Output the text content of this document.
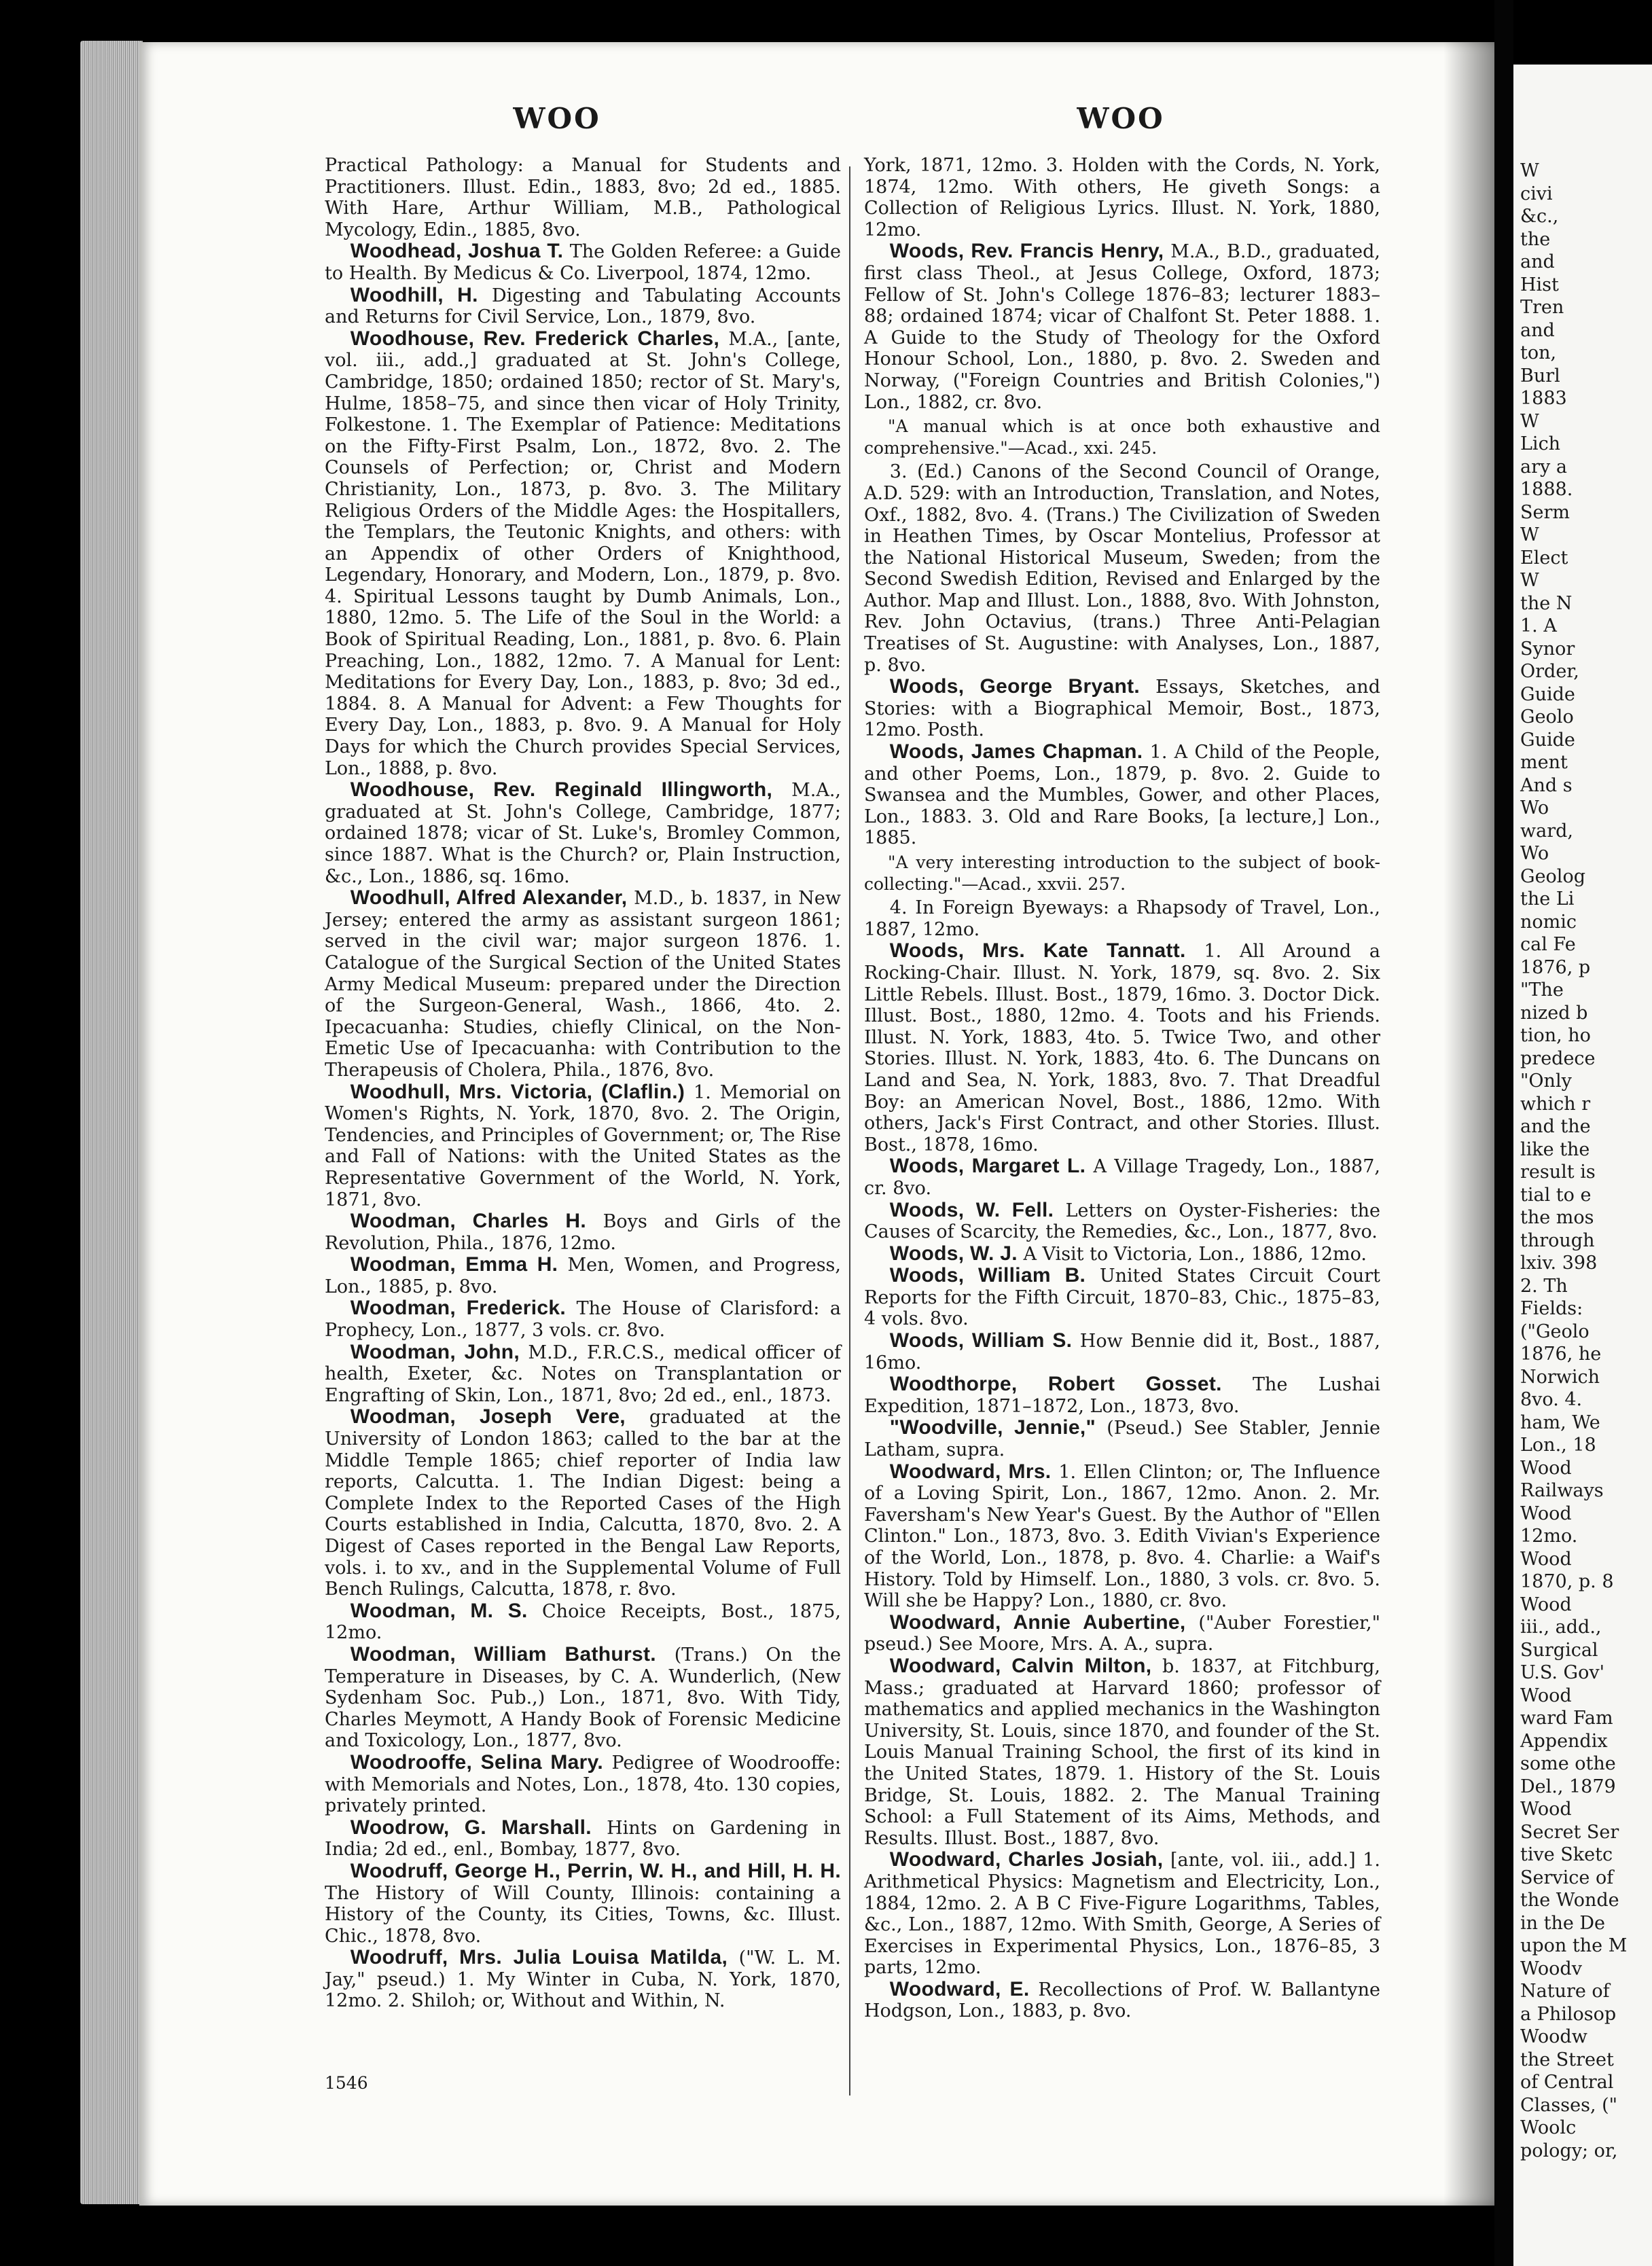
W
civi
&c.,
the
and
Hist
Tren
and
ton,
Burl
1883
W
Lich
ary a
1888.
Serm
W
Elect
W
the N
1. A
Synor
Order,
Guide
Geolo
Guide
ment
And s
Wo
ward,
Wo
Geolog
the Li
nomic
cal Fe
1876, p
"The
nized b
tion, ho
predece
"Only
which r
and the
like the
result is
tial to e
the mos
through
lxiv. 398
2. Th
Fields:
("Geolo
1876, he
Norwich
8vo. 4.
ham, We
Lon., 18
Wood
Railways
Wood
12mo.
Wood
1870, p. 8
Wood
iii., add.,
Surgical
U.S. Gov'
Wood
ward Fam
Appendix
some othe
Del., 1879
Wood
Secret Ser
tive Sketc
Service of
the Wonde
in the De
upon the M
Woodv
Nature of
a Philosop
Woodw
the Street
of Central
Classes, ("
Woolc
pology; or,
WOO	WOO

Practical Pathology: a Manual for Students and Practitioners. Illust. Edin., 1883, 8vo; 2d ed., 1885. With Hare, Arthur William, M.B., Pathological Mycology, Edin., 1885, 8vo.

Woodhead, Joshua T. The Golden Referee: a Guide to Health. By Medicus & Co. Liverpool, 1874, 12mo.

Woodhill, H. Digesting and Tabulating Accounts and Returns for Civil Service, Lon., 1879, 8vo.

Woodhouse, Rev. Frederick Charles, M.A., [ante, vol. iii., add.,] graduated at St. John's College, Cambridge, 1850; ordained 1850; rector of St. Mary's, Hulme, 1858–75, and since then vicar of Holy Trinity, Folkestone. 1. The Exemplar of Patience: Meditations on the Fifty-First Psalm, Lon., 1872, 8vo. 2. The Counsels of Perfection; or, Christ and Modern Christianity, Lon., 1873, p. 8vo. 3. The Military Religious Orders of the Middle Ages: the Hospitallers, the Templars, the Teutonic Knights, and others: with an Appendix of other Orders of Knighthood, Legendary, Honorary, and Modern, Lon., 1879, p. 8vo. 4. Spiritual Lessons taught by Dumb Animals, Lon., 1880, 12mo. 5. The Life of the Soul in the World: a Book of Spiritual Reading, Lon., 1881, p. 8vo. 6. Plain Preaching, Lon., 1882, 12mo. 7. A Manual for Lent: Meditations for Every Day, Lon., 1883, p. 8vo; 3d ed., 1884. 8. A Manual for Advent: a Few Thoughts for Every Day, Lon., 1883, p. 8vo. 9. A Manual for Holy Days for which the Church provides Special Services, Lon., 1888, p. 8vo.

Woodhouse, Rev. Reginald Illingworth, M.A., graduated at St. John's College, Cambridge, 1877; ordained 1878; vicar of St. Luke's, Bromley Common, since 1887. What is the Church? or, Plain Instruction, &c., Lon., 1886, sq. 16mo.

Woodhull, Alfred Alexander, M.D., b. 1837, in New Jersey; entered the army as assistant surgeon 1861; served in the civil war; major surgeon 1876. 1. Catalogue of the Surgical Section of the United States Army Medical Museum: prepared under the Direction of the Surgeon-General, Wash., 1866, 4to. 2. Ipecacuanha: Studies, chiefly Clinical, on the Non-Emetic Use of Ipecacuanha: with Contribution to the Therapeusis of Cholera, Phila., 1876, 8vo.

Woodhull, Mrs. Victoria, (Claflin.) 1. Memorial on Women's Rights, N. York, 1870, 8vo. 2. The Origin, Tendencies, and Principles of Government; or, The Rise and Fall of Nations: with the United States as the Representative Government of the World, N. York, 1871, 8vo.

Woodman, Charles H. Boys and Girls of the Revolution, Phila., 1876, 12mo.

Woodman, Emma H. Men, Women, and Progress, Lon., 1885, p. 8vo.

Woodman, Frederick. The House of Clarisford: a Prophecy, Lon., 1877, 3 vols. cr. 8vo.

Woodman, John, M.D., F.R.C.S., medical officer of health, Exeter, &c. Notes on Transplantation or Engrafting of Skin, Lon., 1871, 8vo; 2d ed., enl., 1873.

Woodman, Joseph Vere, graduated at the University of London 1863; called to the bar at the Middle Temple 1865; chief reporter of India law reports, Calcutta. 1. The Indian Digest: being a Complete Index to the Reported Cases of the High Courts established in India, Calcutta, 1870, 8vo. 2. A Digest of Cases reported in the Bengal Law Reports, vols. i. to xv., and in the Supplemental Volume of Full Bench Rulings, Calcutta, 1878, r. 8vo.

Woodman, M. S. Choice Receipts, Bost., 1875, 12mo.

Woodman, William Bathurst. (Trans.) On the Temperature in Diseases, by C. A. Wunderlich, (New Sydenham Soc. Pub.,) Lon., 1871, 8vo. With Tidy, Charles Meymott, A Handy Book of Forensic Medicine and Toxicology, Lon., 1877, 8vo.

Woodrooffe, Selina Mary. Pedigree of Woodrooffe: with Memorials and Notes, Lon., 1878, 4to. 130 copies, privately printed.

Woodrow, G. Marshall. Hints on Gardening in India; 2d ed., enl., Bombay, 1877, 8vo.

Woodruff, George H., Perrin, W. H., and Hill, H. H. The History of Will County, Illinois: containing a History of the County, its Cities, Towns, &c. Illust. Chic., 1878, 8vo.

Woodruff, Mrs. Julia Louisa Matilda, ("W. L. M. Jay," pseud.) 1. My Winter in Cuba, N. York, 1870, 12mo. 2. Shiloh; or, Without and Within, N.

York, 1871, 12mo. 3. Holden with the Cords, N. York, 1874, 12mo. With others, He giveth Songs: a Collection of Religious Lyrics. Illust. N. York, 1880, 12mo.

Woods, Rev. Francis Henry, M.A., B.D., graduated, first class Theol., at Jesus College, Oxford, 1873; Fellow of St. John's College 1876–83; lecturer 1883–88; ordained 1874; vicar of Chalfont St. Peter 1888. 1. A Guide to the Study of Theology for the Oxford Honour School, Lon., 1880, p. 8vo. 2. Sweden and Norway, ("Foreign Countries and British Colonies,") Lon., 1882, cr. 8vo.

"A manual which is at once both exhaustive and comprehensive."—Acad., xxi. 245.

3. (Ed.) Canons of the Second Council of Orange, A.D. 529: with an Introduction, Translation, and Notes, Oxf., 1882, 8vo. 4. (Trans.) The Civilization of Sweden in Heathen Times, by Oscar Montelius, Professor at the National Historical Museum, Sweden; from the Second Swedish Edition, Revised and Enlarged by the Author. Map and Illust. Lon., 1888, 8vo. With Johnston, Rev. John Octavius, (trans.) Three Anti-Pelagian Treatises of St. Augustine: with Analyses, Lon., 1887, p. 8vo.

Woods, George Bryant. Essays, Sketches, and Stories: with a Biographical Memoir, Bost., 1873, 12mo. Posth.

Woods, James Chapman. 1. A Child of the People, and other Poems, Lon., 1879, p. 8vo. 2. Guide to Swansea and the Mumbles, Gower, and other Places, Lon., 1883. 3. Old and Rare Books, [a lecture,] Lon., 1885.

"A very interesting introduction to the subject of book-collecting."—Acad., xxvii. 257.

4. In Foreign Byeways: a Rhapsody of Travel, Lon., 1887, 12mo.

Woods, Mrs. Kate Tannatt. 1. All Around a Rocking-Chair. Illust. N. York, 1879, sq. 8vo. 2. Six Little Rebels. Illust. Bost., 1879, 16mo. 3. Doctor Dick. Illust. Bost., 1880, 12mo. 4. Toots and his Friends. Illust. N. York, 1883, 4to. 5. Twice Two, and other Stories. Illust. N. York, 1883, 4to. 6. The Duncans on Land and Sea, N. York, 1883, 8vo. 7. That Dreadful Boy: an American Novel, Bost., 1886, 12mo. With others, Jack's First Contract, and other Stories. Illust. Bost., 1878, 16mo.

Woods, Margaret L. A Village Tragedy, Lon., 1887, cr. 8vo.

Woods, W. Fell. Letters on Oyster-Fisheries: the Causes of Scarcity, the Remedies, &c., Lon., 1877, 8vo.

Woods, W. J. A Visit to Victoria, Lon., 1886, 12mo.

Woods, William B. United States Circuit Court Reports for the Fifth Circuit, 1870–83, Chic., 1875–83, 4 vols. 8vo.

Woods, William S. How Bennie did it, Bost., 1887, 16mo.

Woodthorpe, Robert Gosset. The Lushai Expedition, 1871–1872, Lon., 1873, 8vo.

"Woodville, Jennie," (Pseud.) See Stabler, Jennie Latham, supra.

Woodward, Mrs. 1. Ellen Clinton; or, The Influence of a Loving Spirit, Lon., 1867, 12mo. Anon. 2. Mr. Faversham's New Year's Guest. By the Author of "Ellen Clinton." Lon., 1873, 8vo. 3. Edith Vivian's Experience of the World, Lon., 1878, p. 8vo. 4. Charlie: a Waif's History. Told by Himself. Lon., 1880, 3 vols. cr. 8vo. 5. Will she be Happy? Lon., 1880, cr. 8vo.

Woodward, Annie Aubertine, ("Auber Forestier," pseud.) See Moore, Mrs. A. A., supra.

Woodward, Calvin Milton, b. 1837, at Fitchburg, Mass.; graduated at Harvard 1860; professor of mathematics and applied mechanics in the Washington University, St. Louis, since 1870, and founder of the St. Louis Manual Training School, the first of its kind in the United States, 1879. 1. History of the St. Louis Bridge, St. Louis, 1882. 2. The Manual Training School: a Full Statement of its Aims, Methods, and Results. Illust. Bost., 1887, 8vo.

Woodward, Charles Josiah, [ante, vol. iii., add.] 1. Arithmetical Physics: Magnetism and Electricity, Lon., 1884, 12mo. 2. A B C Five-Figure Logarithms, Tables, &c., Lon., 1887, 12mo. With Smith, George, A Series of Exercises in Experimental Physics, Lon., 1876–85, 3 parts, 12mo.

Woodward, E. Recollections of Prof. W. Ballantyne Hodgson, Lon., 1883, p. 8vo.

1546
